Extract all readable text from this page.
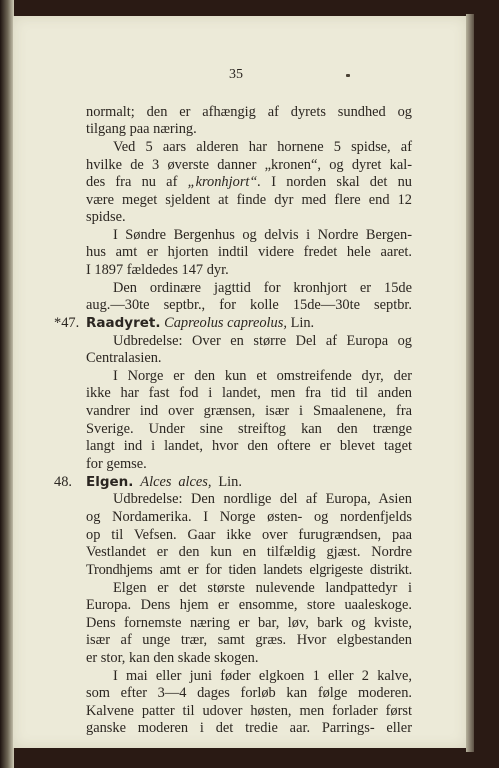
35
normalt; den er afhængig af dyrets sundhed og
tilgang paa næring.
Ved 5 aars alderen har hornene 5 spidse, af
hvilke de 3 øverste danner „kronen“, og dyret kal-
des fra nu af „kronhjort“. I norden skal det nu
være meget sjeldent at finde dyr med flere end 12
spidse.
I Søndre Bergenhus og delvis i Nordre Bergen-
hus amt er hjorten indtil videre fredet hele aaret.
I 1897 fældedes 147 dyr.
Den ordinære jagttid for kronhjort er 15de
aug.—30te septbr., for kolle 15de—30te septbr.
*47. Raadyret. Capreolus capreolus, Lin.
Udbredelse: Over en større Del af Europa og
Centralasien.
I Norge er den kun et omstreifende dyr, der
ikke har fast fod i landet, men fra tid til anden
vandrer ind over grænsen, især i Smaalenene, fra
Sverige. Under sine streiftog kan den trænge
langt ind i landet, hvor den oftere er blevet taget
for gemse.
48. Elgen. Alces alces, Lin.
Udbredelse: Den nordlige del af Europa, Asien
og Nordamerika. I Norge østen- og nordenfjelds
op til Vefsen. Gaar ikke over furugrændsen, paa
Vestlandet er den kun en tilfældig gjæst. Nordre
Trondhjems amt er for tiden landets elgrigeste distrikt.
Elgen er det største nulevende landpattedyr i
Europa. Dens hjem er ensomme, store uaaleskoge.
Dens fornemste næring er bar, løv, bark og kviste,
især af unge trær, samt græs. Hvor elgbestanden
er stor, kan den skade skogen.
I mai eller juni føder elgkoen 1 eller 2 kalve,
som efter 3—4 dages forløb kan følge moderen.
Kalvene patter til udover høsten, men forlader først
ganske moderen i det tredie aar. Parrings- eller
